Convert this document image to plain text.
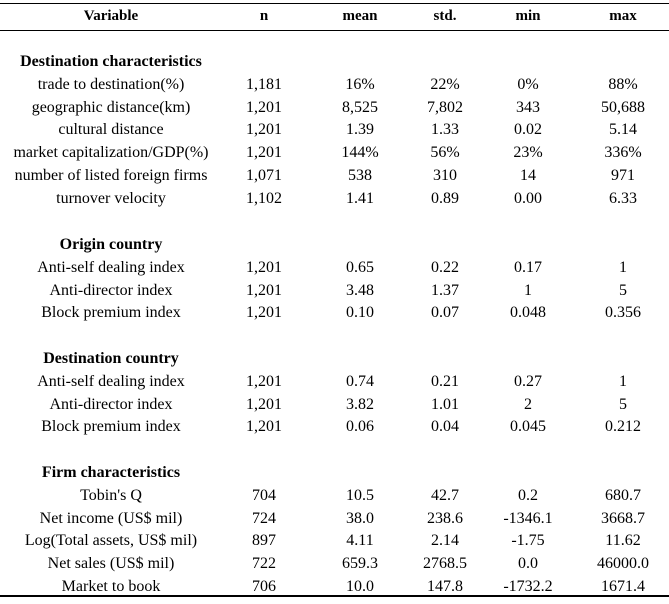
Variable	n	mean	std.	min	max
Destination characteristics
trade to destination(%)	1,181	16%	22%	0%	88%
geographic distance(km)	1,201	8,525	7,802	343	50,688
cultural distance	1,201	1.39	1.33	0.02	5.14
market capitalization/GDP(%)	1,201	144%	56%	23%	336%
number of listed foreign firms	1,071	538	310	14	971
turnover velocity	1,102	1.41	0.89	0.00	6.33
Origin country
Anti-self dealing index	1,201	0.65	0.22	0.17	1
Anti-director index	1,201	3.48	1.37	1	5
Block premium index	1,201	0.10	0.07	0.048	0.356
Destination country
Anti-self dealing index	1,201	0.74	0.21	0.27	1
Anti-director index	1,201	3.82	1.01	2	5
Block premium index	1,201	0.06	0.04	0.045	0.212
Firm characteristics
Tobin's Q	704	10.5	42.7	0.2	680.7
Net income (US$ mil)	724	38.0	238.6	-1346.1	3668.7
Log(Total assets, US$ mil)	897	4.11	2.14	-1.75	11.62
Net sales (US$ mil)	722	659.3	2768.5	0.0	46000.0
Market to book	706	10.0	147.8	-1732.2	1671.4
